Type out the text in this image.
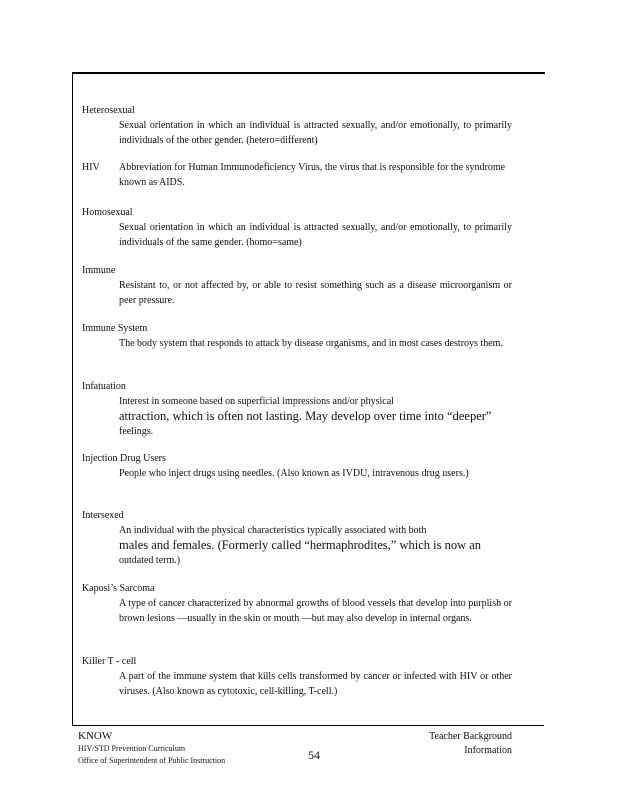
Heterosexual
Sexual orientation in which an individual is attracted sexually, and/or emotionally, to primarily individuals of the other gender. (hetero=different)
HIV Abbreviation for Human Immunodeficiency Virus, the virus that is responsible for the syndrome known as AIDS.
Homosexual
Sexual orientation in which an individual is attracted sexually, and/or emotionally, to primarily individuals of the same gender. (homo=same)
Immune
Resistant to, or not affected by, or able to resist something such as a disease microorganism or peer pressure.
Immune System
The body system that responds to attack by disease organisms, and in most cases destroys them.
Infatuation
Interest in someone based on superficial impressions and/or physical
attraction, which is often not lasting. May develop over time into “deeper”
feelings.
Injection Drug Users
People who inject drugs using needles. (Also known as IVDU, intravenous drug users.)
Intersexed
An individual with the physical characteristics typically associated with both
males and females. (Formerly called “hermaphrodites,” which is now an
outdated term.)
Kaposi’s Sarcoma
A type of cancer characterized by abnormal growths of blood vessels that develop into purplish or brown lesions —usually in the skin or mouth —but may also develop in internal organs.
Killer T - cell
A part of the immune system that kills cells transformed by cancer or infected with HIV or other viruses. (Also known as cytotoxic, cell-killing, T-cell.)
KNOW
HIV/STD Prevention Curriculum
Office of Superintendent of Public Instruction	54
Teacher Background
Information
